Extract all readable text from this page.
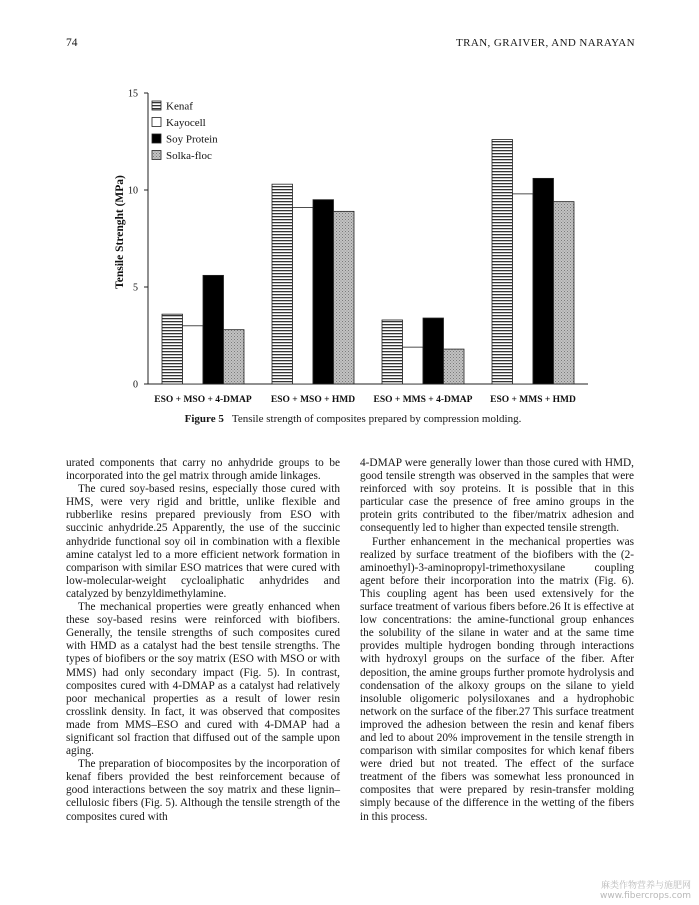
74	TRAN, GRAIVER, AND NARAYAN
0
5
10
15
ESO + MSO + 4-DMAP ESO + MSO + HMD ESO + MMS + 4-DMAP ESO + MMS + HMD
Kenaf
Kayocell
Soy Protein
Solka-floc
Tensile Strenght (MPa)
Figure 5 Tensile strength of composites prepared by compression molding.

urated components that carry no anhydride groups to be incorporated into the gel matrix through amide linkages.

The cured soy-based resins, especially those cured with HMS, were very rigid and brittle, unlike flexible and rubberlike resins prepared previously from ESO with succinic anhydride.25 Apparently, the use of the succinic anhydride functional soy oil in combination with a flexible amine catalyst led to a more efficient network formation in comparison with similar ESO matrices that were cured with low-molecular-weight cycloaliphatic anhydrides and catalyzed by benzyldimethylamine.

The mechanical properties were greatly enhanced when these soy-based resins were reinforced with biofibers. Generally, the tensile strengths of such composites cured with HMD as a catalyst had the best tensile strengths. The types of biofibers or the soy matrix (ESO with MSO or with MMS) had only secondary impact (Fig. 5). In contrast, composites cured with 4-DMAP as a catalyst had relatively poor mechanical properties as a result of lower resin crosslink density. In fact, it was observed that composites made from MMS–ESO and cured with 4-DMAP had a significant sol fraction that diffused out of the sample upon aging.

The preparation of biocomposites by the incorporation of kenaf fibers provided the best reinforcement because of good interactions between the soy matrix and these lignin–cellulosic fibers (Fig. 5). Although the tensile strength of the composites cured with

4-DMAP were generally lower than those cured with HMD, good tensile strength was observed in the samples that were reinforced with soy proteins. It is possible that in this particular case the presence of free amino groups in the protein grits contributed to the fiber/matrix adhesion and consequently led to higher than expected tensile strength.

Further enhancement in the mechanical properties was realized by surface treatment of the biofibers with the (2-aminoethyl)-3-aminopropyl-trimethoxysilane coupling agent before their incorporation into the matrix (Fig. 6). This coupling agent has been used extensively for the surface treatment of various fibers before.26 It is effective at low concentrations: the amine-functional group enhances the solubility of the silane in water and at the same time provides multiple hydrogen bonding through interactions with hydroxyl groups on the surface of the fiber. After deposition, the amine groups further promote hydrolysis and condensation of the alkoxy groups on the silane to yield insoluble oligomeric polysiloxanes and a hydrophobic network on the surface of the fiber.27 This surface treatment improved the adhesion between the resin and kenaf fibers and led to about 20% improvement in the tensile strength in comparison with similar composites for which kenaf fibers were dried but not treated. The effect of the surface treatment of the fibers was somewhat less pronounced in composites that were prepared by resin-transfer molding simply because of the difference in the wetting of the fibers in this process.

麻类作物营养与施肥网
www.fibercrops.com
